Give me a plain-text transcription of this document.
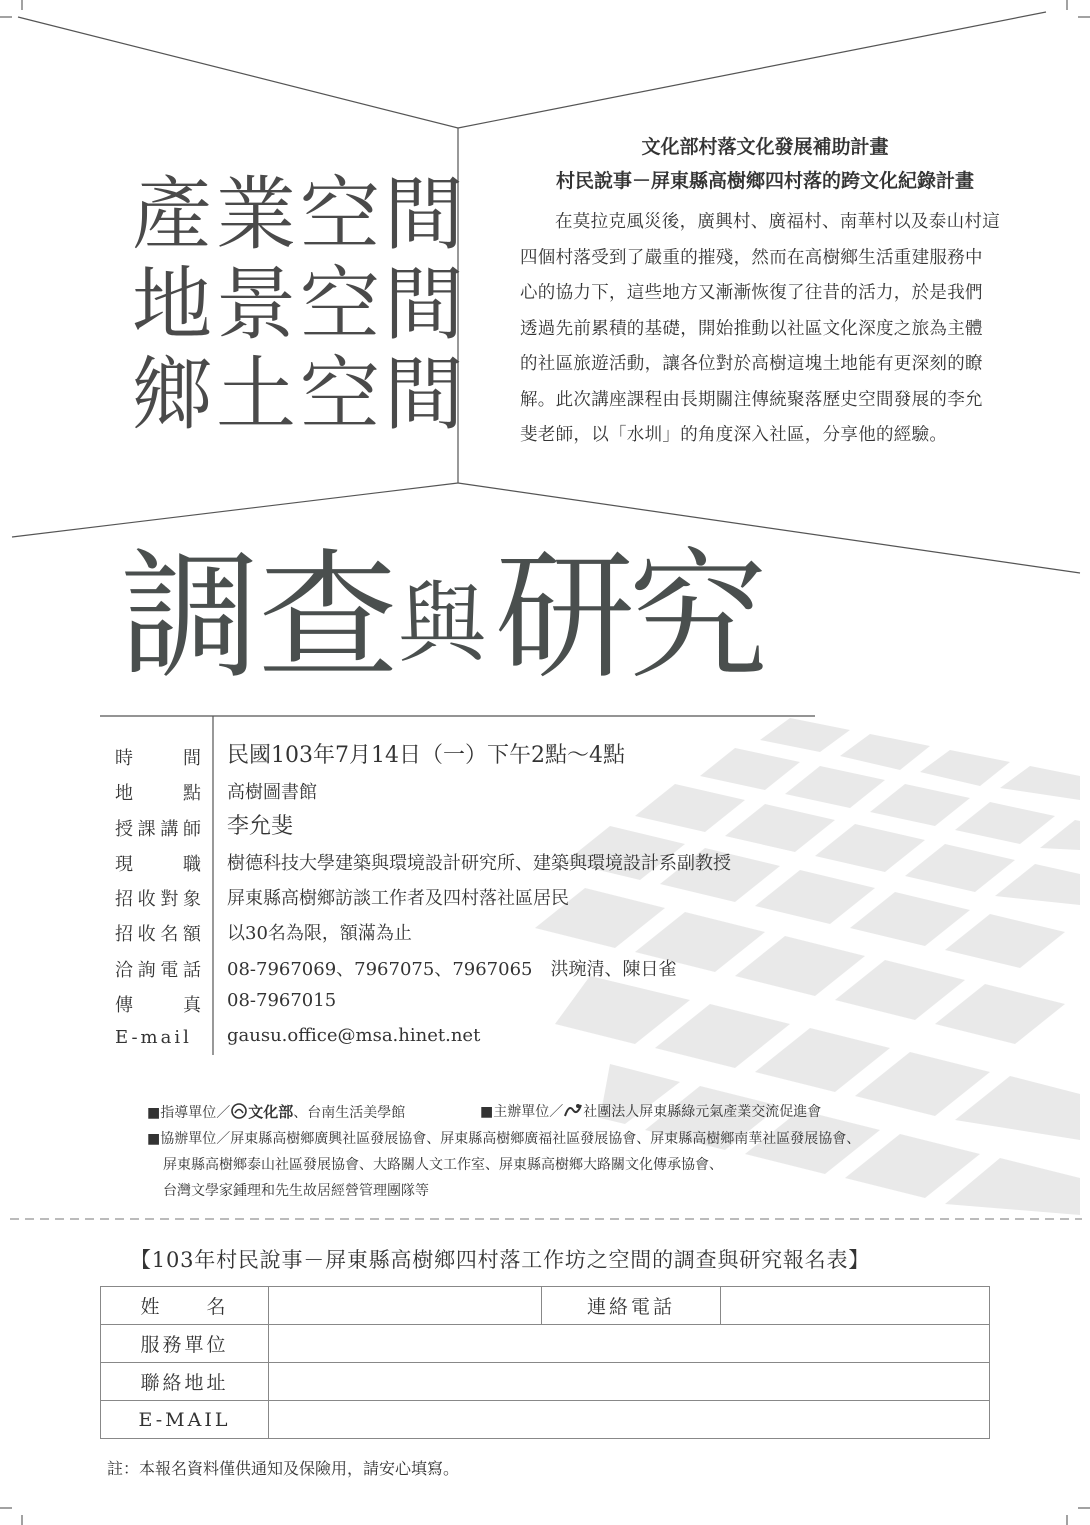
產業空間
地景空間
鄉土空間
文化部村落文化發展補助計畫
村民說事－屏東縣高樹鄉四村落的跨文化紀錄計畫
在莫拉克風災後，廣興村、廣福村、南華村以及泰山村這四個村落受到了嚴重的摧殘，然而在高樹鄉生活重建服務中心的協力下，這些地方又漸漸恢復了往昔的活力，於是我們透過先前累積的基礎，開始推動以社區文化深度之旅為主體的社區旅遊活動，讓各位對於高樹這塊土地能有更深刻的瞭解。此次講座課程由長期關注傳統聚落歷史空間發展的李允斐老師，以「水圳」的角度深入社區，分享他的經驗。
調
查 與 研
究
時 間 民國103年7月14日（一）下午2點～4點
地 點 高樹圖書館
授課講師 李允斐
現 職 樹德科技大學建築與環境設計研究所、建築與環境設計系副教授
招收對象 屏東縣高樹鄉訪談工作者及四村落社區居民
招收名額 以30名為限，額滿為止
洽詢電話 08-7967069、7967075、7967065　洪琬清、陳日雀
傳 真 08-7967015
E-mail	gausu.office@msa.hinet.net
■指導單位／ 文化部、台南生活美學館	■主辦單位／ 社團法人屏東縣綠元氣產業交流促進會
■協辦單位／屏東縣高樹鄉廣興社區發展協會、屏東縣高樹鄉廣福社區發展協會、屏東縣高樹鄉南華社區發展協會、
屏東縣高樹鄉泰山社區發展協會、大路關人文工作室、屏東縣高樹鄉大路關文化傳承協會、
台灣文學家鍾理和先生故居經營管理團隊等
【103年村民說事－屏東縣高樹鄉四村落工作坊之空間的調查與研究報名表】
姓　　名		連絡電話	
服務單位			
聯絡地址			
E-MAIL			
註：本報名資料僅供通知及保險用，請安心填寫。
